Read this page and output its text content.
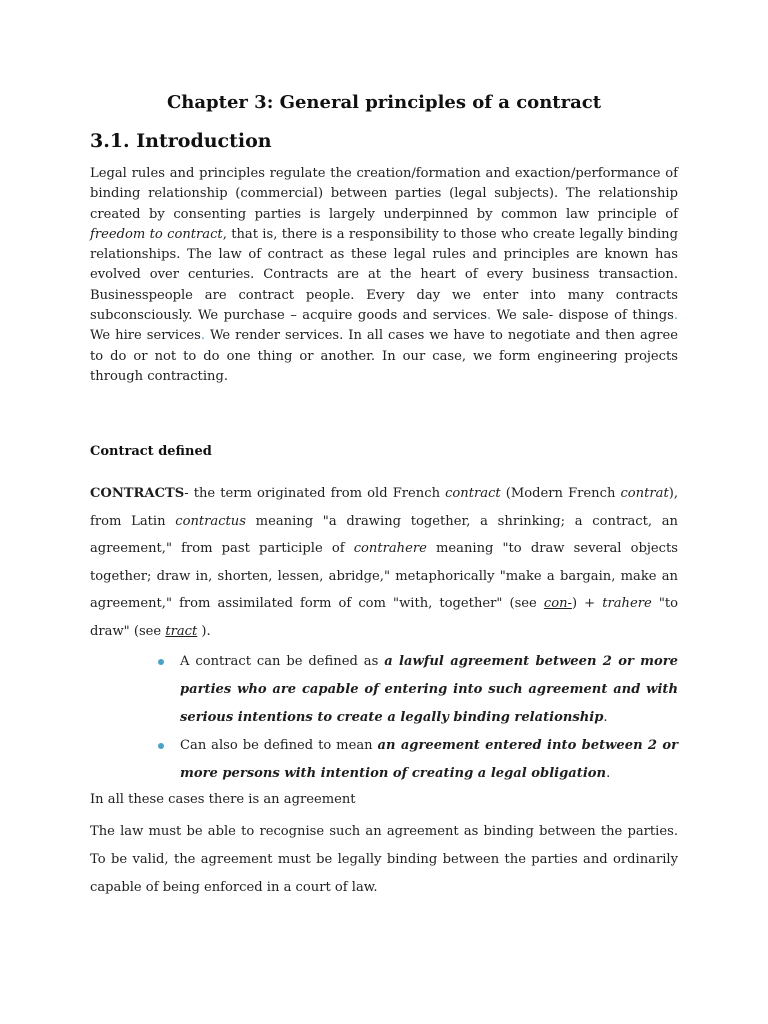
Chapter 3: General principles of a contract
3.1. Introduction

Legal rules and principles regulate the creation/formation and exaction/performance of binding relationship (commercial) between parties (legal subjects). The relationship created by consenting parties is largely underpinned by common law principle of freedom to contract, that is, there is a responsibility to those who create legally binding relationships. The law of contract as these legal rules and principles are known has evolved over centuries. Contracts are at the heart of every business transaction. Businesspeople are contract people. Every day we enter into many contracts subconsciously. We purchase – acquire goods and services. We sale- dispose of things. We hire services. We render services. In all cases we have to negotiate and then agree to do or not to do one thing or another. In our case, we form engineering projects through contracting.

Contract defined

CONTRACTS- the term originated from old French contract (Modern French contrat), from Latin contractus meaning "a drawing together, a shrinking; a contract, an agreement," from past participle of contrahere meaning "to draw several objects together; draw in, shorten, lessen, abridge," metaphorically "make a bargain, make an agreement," from assimilated form of com "with, together" (see con-) + trahere "to draw" (see tract ).

A contract can be defined as a lawful agreement between 2 or more parties who are capable of entering into such agreement and with serious intentions to create a legally binding relationship.
Can also be defined to mean an agreement entered into between 2 or more persons with intention of creating a legal obligation.

In all these cases there is an agreement

The law must be able to recognise such an agreement as binding between the parties. To be valid, the agreement must be legally binding between the parties and ordinarily capable of being enforced in a court of law.
